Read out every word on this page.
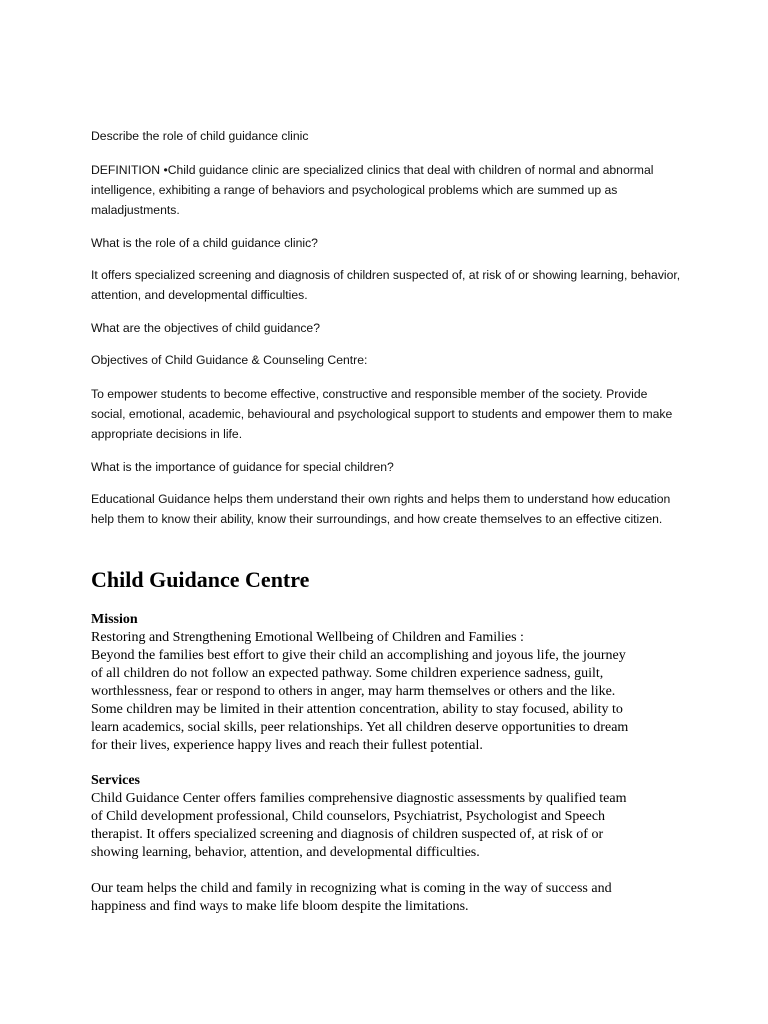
Describe the role of child guidance clinic

DEFINITION •Child guidance clinic are specialized clinics that deal with children of normal and abnormal intelligence, exhibiting a range of behaviors and psychological problems which are summed up as maladjustments.

What is the role of a child guidance clinic?

It offers specialized screening and diagnosis of children suspected of, at risk of or showing learning, behavior, attention, and developmental difficulties.

What are the objectives of child guidance?

Objectives of Child Guidance & Counseling Centre:

To empower students to become effective, constructive and responsible member of the society. Provide social, emotional, academic, behavioural and psychological support to students and empower them to make appropriate decisions in life.

What is the importance of guidance for special children?

Educational Guidance helps them understand their own rights and helps them to understand how education help them to know their ability, know their surroundings, and how create themselves to an effective citizen.

Child Guidance Centre
Mission
Restoring and Strengthening Emotional Wellbeing of Children and Families :
Beyond the families best effort to give their child an accomplishing and joyous life, the journey
of all children do not follow an expected pathway. Some children experience sadness, guilt,
worthlessness, fear or respond to others in anger, may harm themselves or others and the like.
Some children may be limited in their attention concentration, ability to stay focused, ability to
learn academics, social skills, peer relationships. Yet all children deserve opportunities to dream
for their lives, experience happy lives and reach their fullest potential.
Services
Child Guidance Center offers families comprehensive diagnostic assessments by qualified team
of Child development professional, Child counselors, Psychiatrist, Psychologist and Speech
therapist. It offers specialized screening and diagnosis of children suspected of, at risk of or
showing learning, behavior, attention, and developmental difficulties.
Our team helps the child and family in recognizing what is coming in the way of success and
happiness and find ways to make life bloom despite the limitations.
